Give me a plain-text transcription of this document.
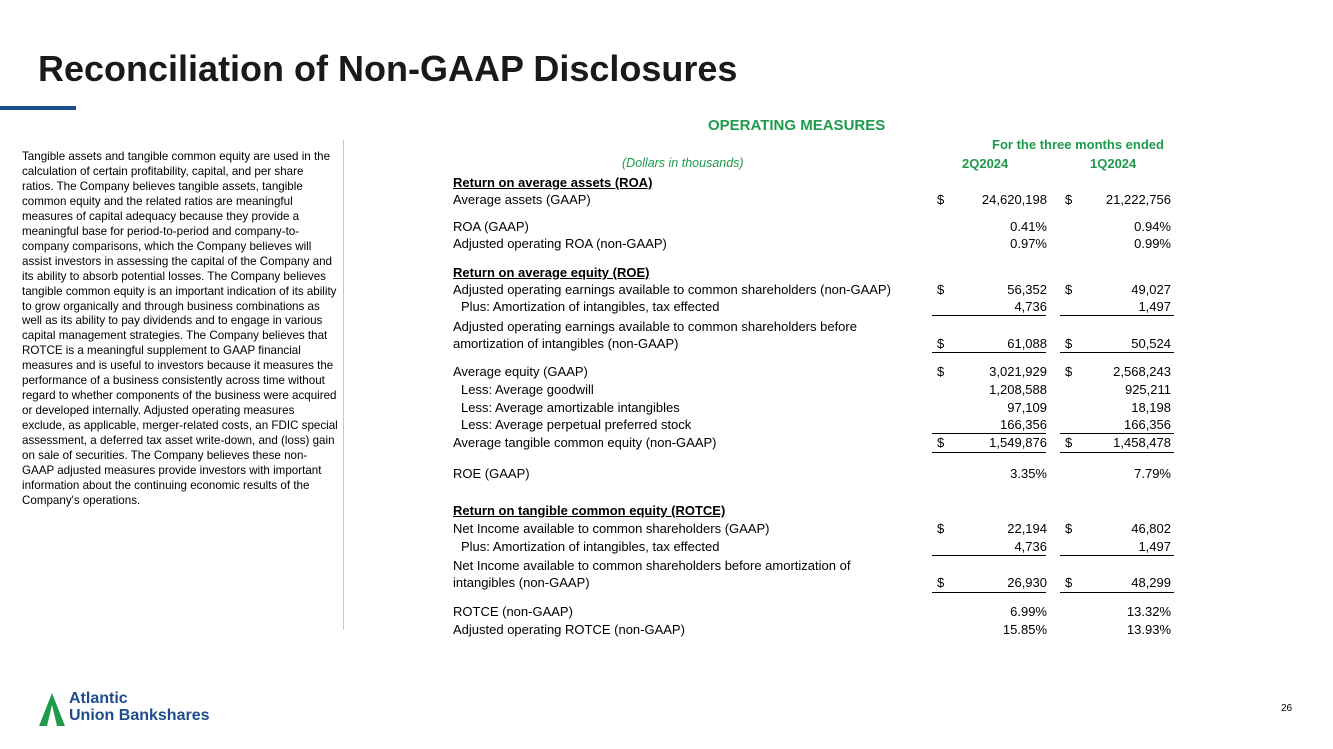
Reconciliation of Non-GAAP Disclosures

Tangible assets and tangible common equity are used in the calculation of certain profitability, capital, and per share ratios. The Company believes tangible assets, tangible common equity and the related ratios are meaningful measures of capital adequacy because they provide a meaningful base for period-to-period and company-to-company comparisons, which the Company believes will assist investors in assessing the capital of the Company and its ability to absorb potential losses. The Company believes tangible common equity is an important indication of its ability to grow organically and through business combinations as well as its ability to pay dividends and to engage in various capital management strategies. The Company believes that ROTCE is a meaningful supplement to GAAP financial measures and is useful to investors because it measures the performance of a business consistently across time without regard to whether components of the business were acquired or developed internally. Adjusted operating measures exclude, as applicable, merger-related costs, an FDIC special assessment, a deferred tax asset write-down, and (loss) gain on sale of securities. The Company believes these non-GAAP adjusted measures provide investors with important information about the continuing economic results of the Company's operations.

OPERATING MEASURES
For the three months ended
(Dollars in thousands)	2Q2024	1Q2024
Return on average assets (ROA)
Average assets (GAAP)	$	24,620,198 $	21,222,756
ROA (GAAP)	0.41%	0.94%
Adjusted operating ROA (non-GAAP)	0.97%	0.99%
Return on average equity (ROE)
Adjusted operating earnings available to common shareholders (non-GAAP)	$	56,352 $	49,027
Plus: Amortization of intangibles, tax effected	4,736	1,497
Adjusted operating earnings available to common shareholders before
amortization of intangibles (non-GAAP)	$	61,088 $	50,524
Average equity (GAAP)	$	3,021,929 $	2,568,243
Less: Average goodwill	1,208,588	925,211
Less: Average amortizable intangibles	97,109	18,198
Less: Average perpetual preferred stock	166,356	166,356
Average tangible common equity (non-GAAP)	$	1,549,876 $	1,458,478
ROE (GAAP)	3.35%	7.79%
Return on tangible common equity (ROTCE)
Net Income available to common shareholders (GAAP)	$	22,194 $	46,802
Plus: Amortization of intangibles, tax effected	4,736	1,497
Net Income available to common shareholders before amortization of
intangibles (non-GAAP)	$	26,930 $	48,299
ROTCE (non-GAAP)	6.99%	13.32%
Adjusted operating ROTCE (non-GAAP)	15.85%	13.93%
Atlantic
Union Bankshares	26
